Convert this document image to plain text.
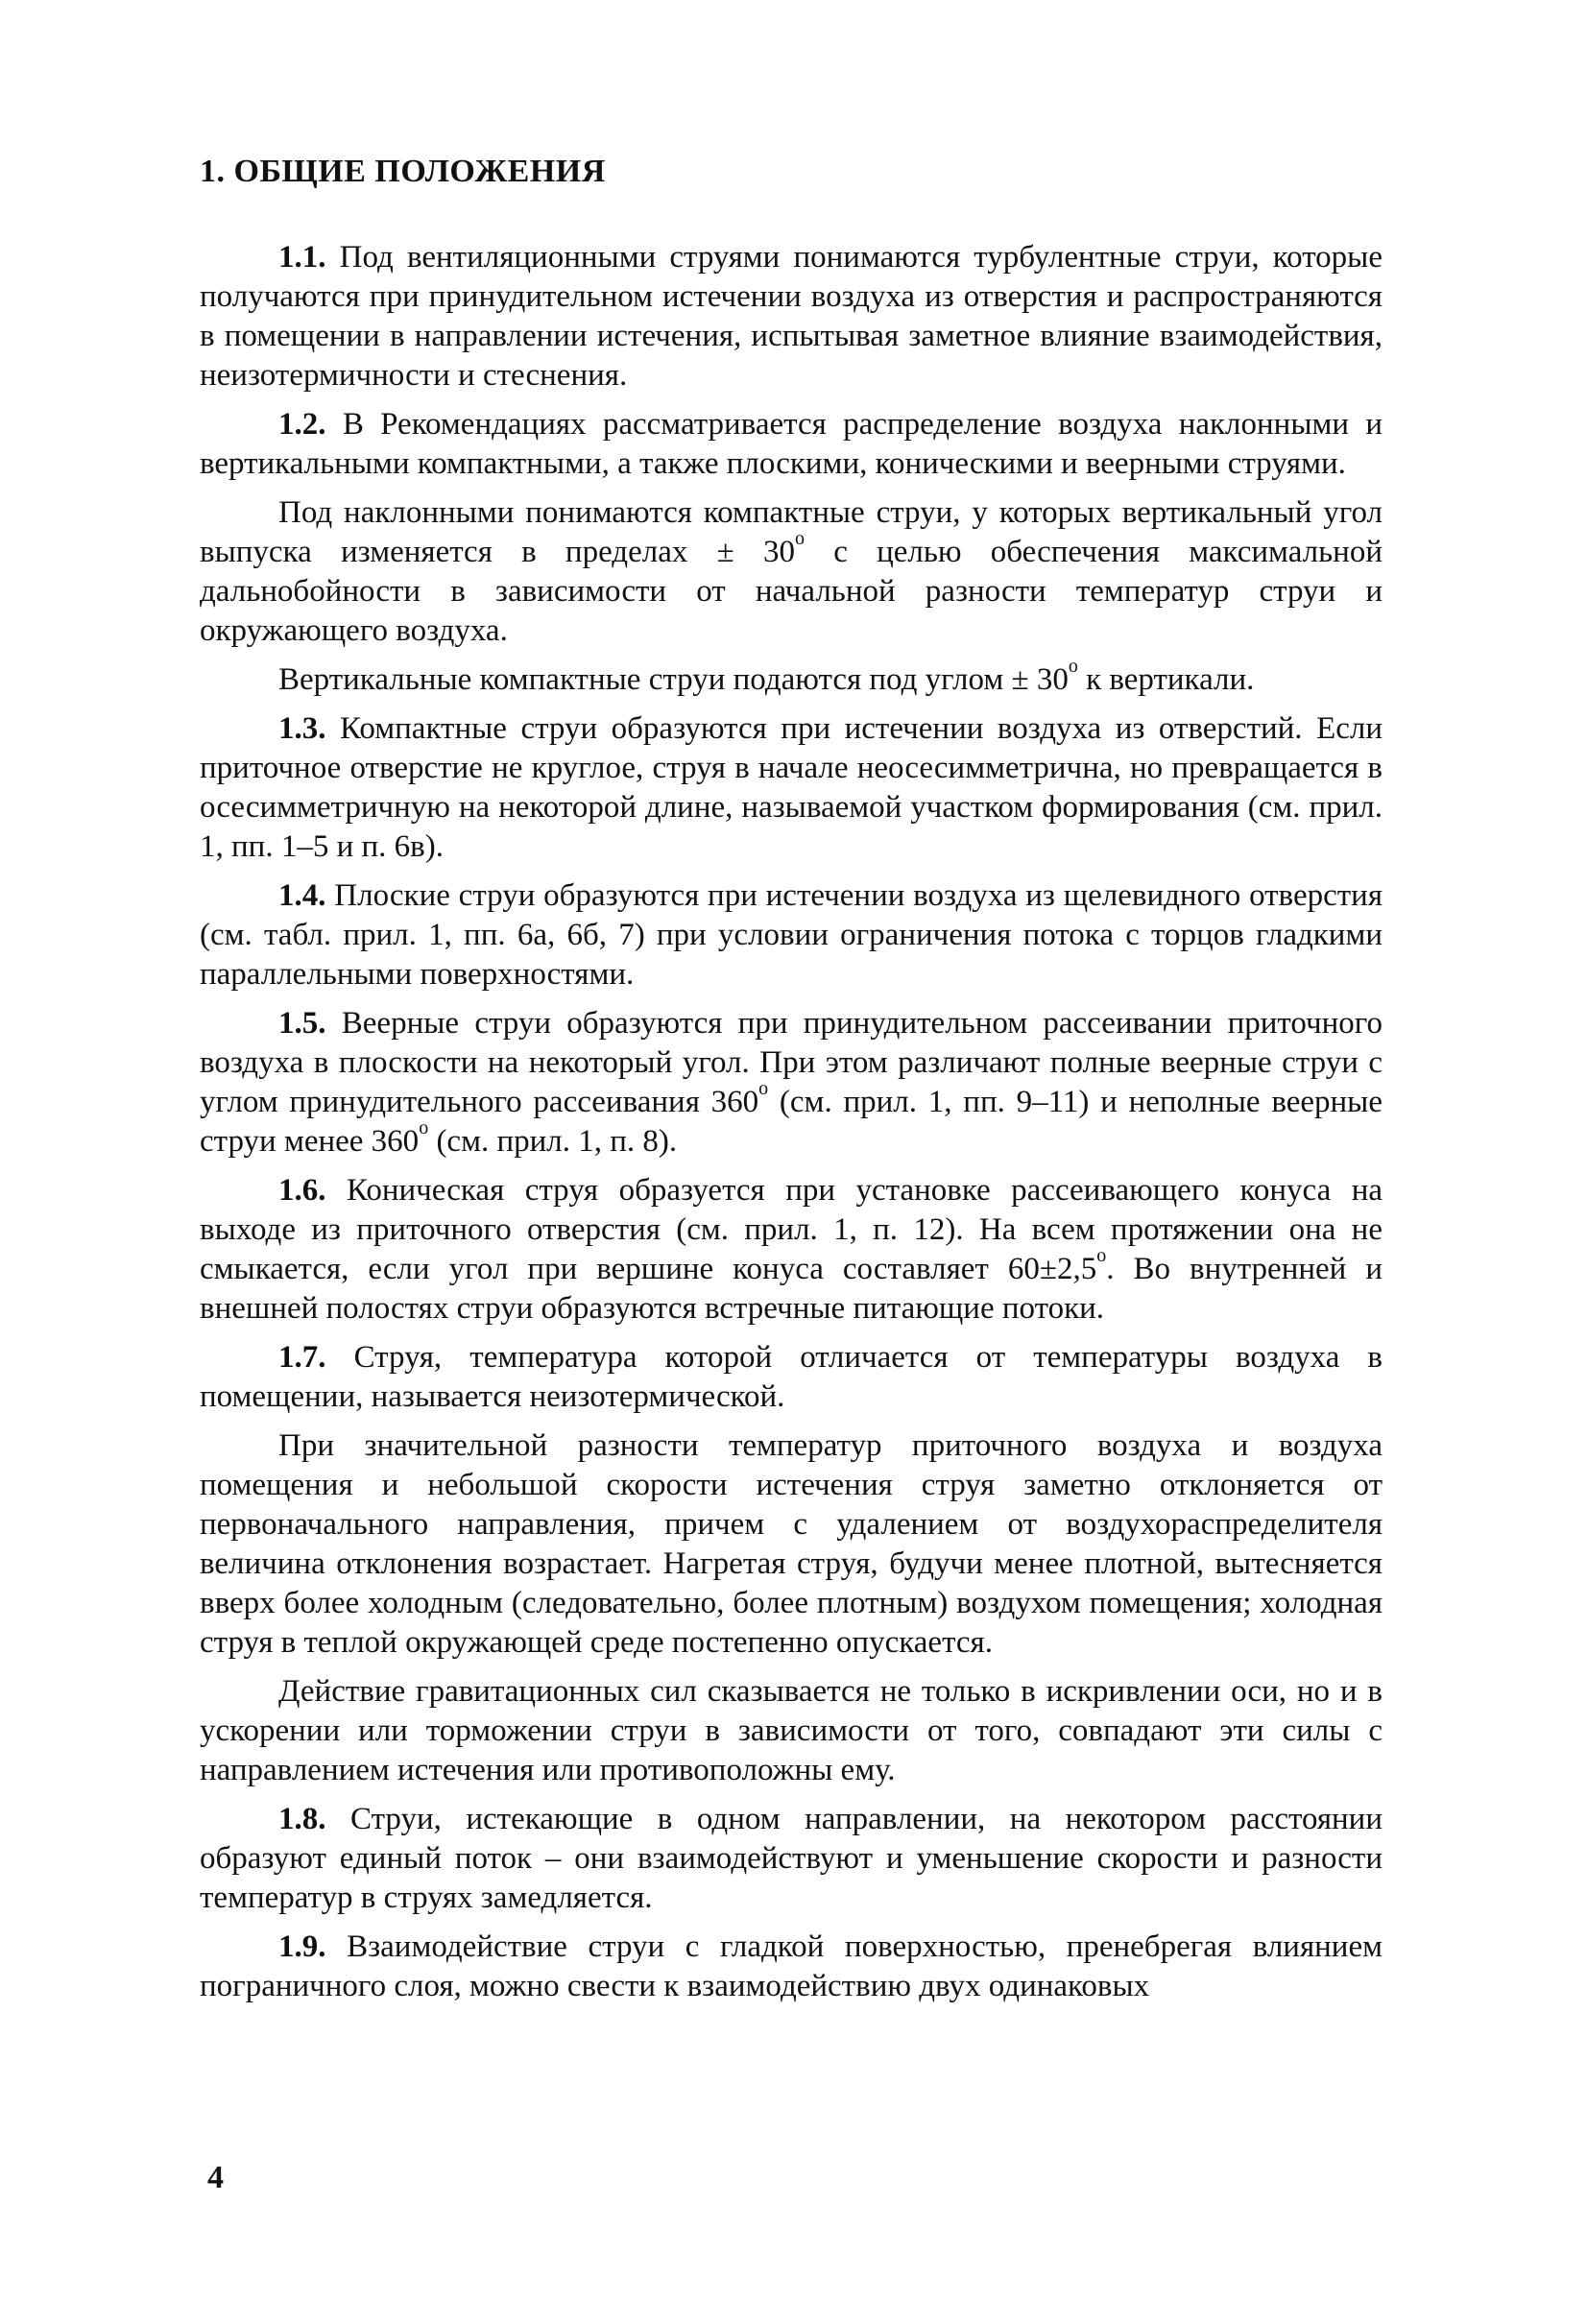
1. ОБЩИЕ ПОЛОЖЕНИЯ

1.1. Под вентиляционными струями понимаются турбулентные струи, которые получаются при принудительном истечении воздуха из отверстия и распространяются в помещении в направлении истечения, испытывая заметное влияние взаимодействия, неизотермичности и стеснения.

1.2. В Рекомендациях рассматривается распределение воздуха наклонными и вертикальными компактными, а также плоскими, коническими и веерными струями.

Под наклонными понимаются компактные струи, у которых вертикальный угол выпуска изменяется в пределах ± $30^о$ с целью обеспечения максимальной дальнобойности в зависимости от начальной разности температур струи и окружающего воздуха.

Вертикальные компактные струи подаются под углом ± $30^о$ к вертикали.

1.3. Компактные струи образуются при истечении воздуха из отверстий. Если приточное отверстие не круглое, струя в начале неосесимметрична, но превращается в осесимметричную на некоторой длине, называемой участком формирования (см. прил. 1, пп. 1–5 и п. 6в).

1.4. Плоские струи образуются при истечении воздуха из щелевидного отверстия (см. табл. прил. 1, пп. 6а, 6б, 7) при условии ограничения потока с торцов гладкими параллельными поверхностями.

1.5. Веерные струи образуются при принудительном рассеивании приточного воздуха в плоскости на некоторый угол. При этом различают полные веерные струи с углом принудительного рассеивания $360^о$ (см. прил. 1, пп. 9–11) и неполные веерные струи менее $360^о$ (см. прил. 1, п. 8).

1.6. Коническая струя образуется при установке рассеивающего конуса на выходе из приточного отверстия (см. прил. 1, п. 12). На всем протяжении она не смыкается, если угол при вершине конуса составляет $60\pm 2,5^о$. Во внутренней и внешней полостях струи образуются встречные питающие потоки.

1.7. Струя, температура которой отличается от температуры воздуха в помещении, называется неизотермической.

При значительной разности температур приточного воздуха и воздуха помещения и небольшой скорости истечения струя заметно отклоняется от первоначального направления, причем с удалением от воздухораспределителя величина отклонения возрастает. Нагретая струя, будучи менее плотной, вытесняется вверх более холодным (следовательно, более плотным) воздухом помещения; холодная струя в теплой окружающей среде постепенно опускается.

Действие гравитационных сил сказывается не только в искривлении оси, но и в ускорении или торможении струи в зависимости от того, совпадают эти силы с направлением истечения или противоположны ему.

1.8. Струи, истекающие в одном направлении, на некотором расстоянии образуют единый поток – они взаимодействуют и уменьшение скорости и разности температур в струях замедляется.

1.9. Взаимодействие струи с гладкой поверхностью, пренебрегая влиянием пограничного слоя, можно свести к взаимодействию двух одинаковых

4
